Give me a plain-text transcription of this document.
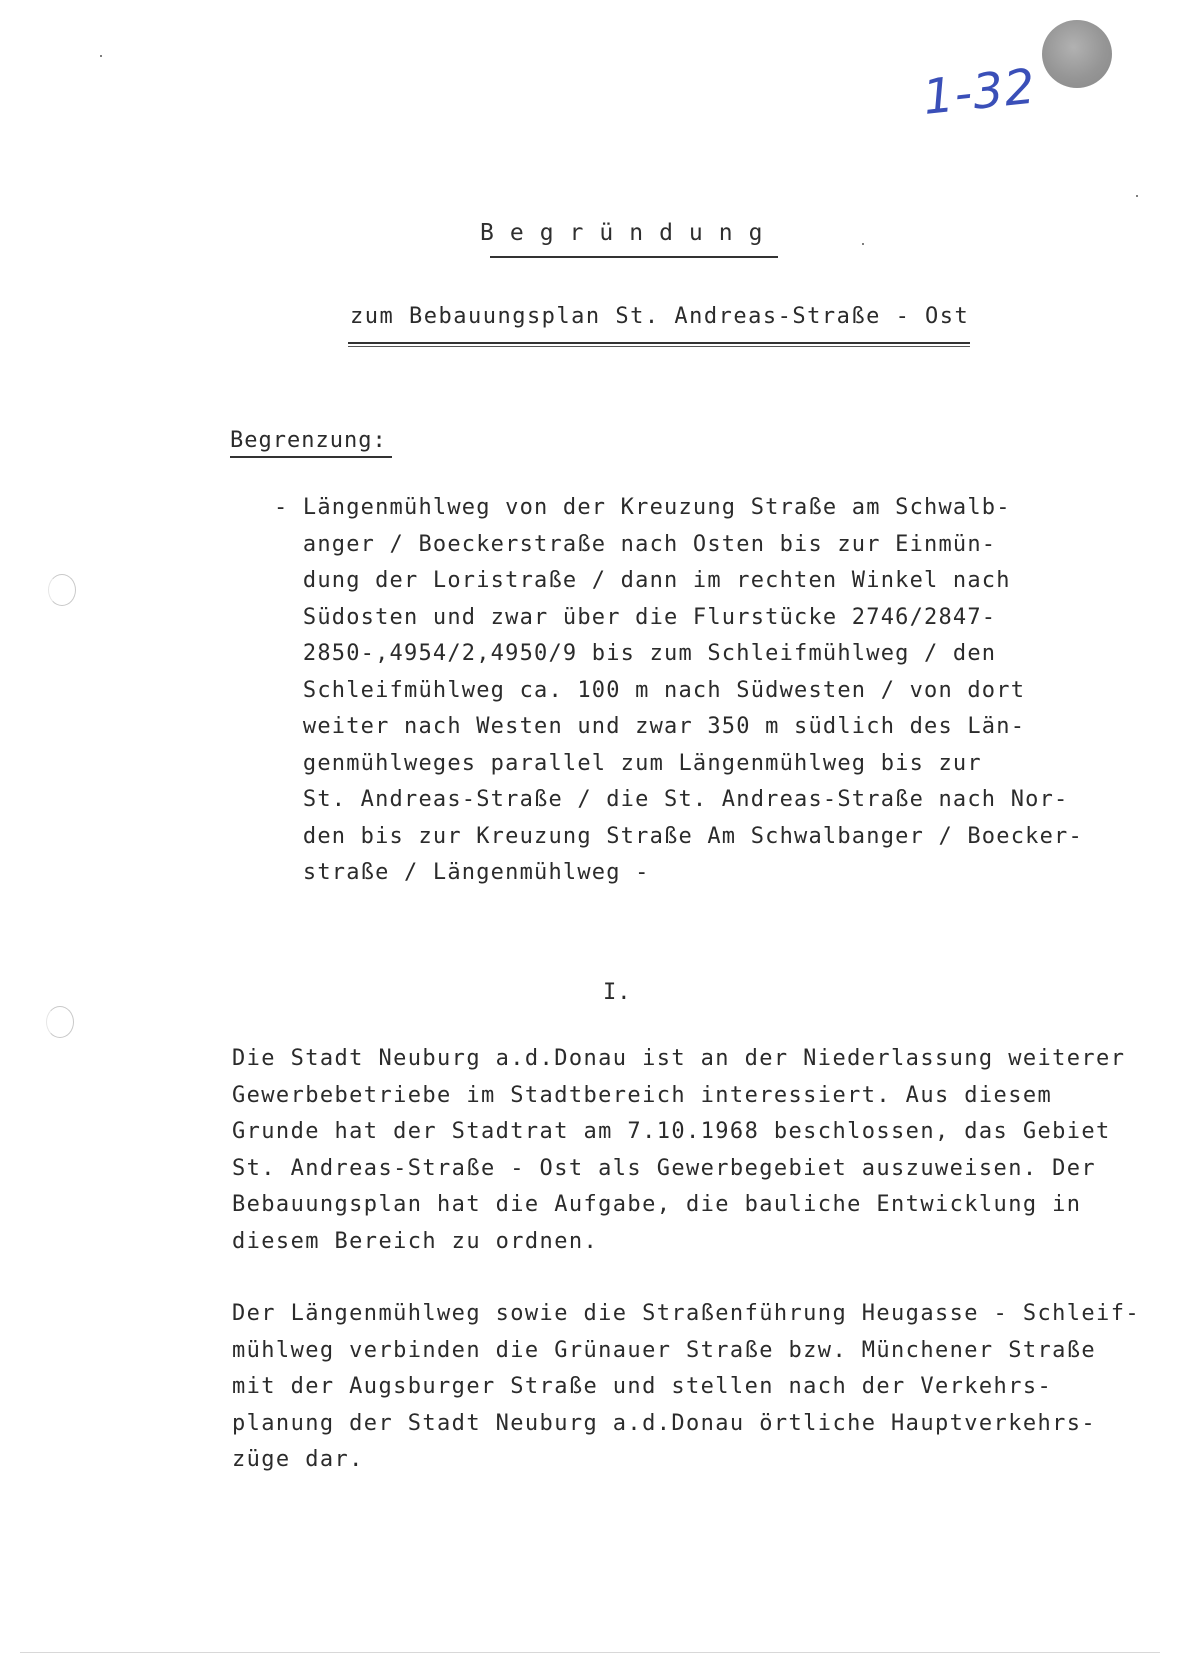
1-32
Begründung
zum Bebauungsplan St. Andreas-Straße - Ost
Begrenzung:
- Längenmühlweg von der Kreuzung Straße am Schwalb-
anger / Boeckerstraße nach Osten bis zur Einmün-
dung der Loristraße / dann im rechten Winkel nach
Südosten und zwar über die Flurstücke 2746/2847-
2850-,4954/2,4950/9 bis zum Schleifmühlweg / den
Schleifmühlweg ca. 100 m nach Südwesten / von dort
weiter nach Westen und zwar 350 m südlich des Län-
genmühlweges parallel zum Längenmühlweg bis zur
St. Andreas-Straße / die St. Andreas-Straße nach Nor-
den bis zur Kreuzung Straße Am Schwalbanger / Boecker-
straße / Längenmühlweg -
I.
Die Stadt Neuburg a.d.Donau ist an der Niederlassung weiterer
Gewerbebetriebe im Stadtbereich interessiert. Aus diesem
Grunde hat der Stadtrat am 7.10.1968 beschlossen, das Gebiet
St. Andreas-Straße - Ost als Gewerbegebiet auszuweisen. Der
Bebauungsplan hat die Aufgabe, die bauliche Entwicklung in
diesem Bereich zu ordnen.
Der Längenmühlweg sowie die Straßenführung Heugasse - Schleif-
mühlweg verbinden die Grünauer Straße bzw. Münchener Straße
mit der Augsburger Straße und stellen nach der Verkehrs-
planung der Stadt Neuburg a.d.Donau örtliche Hauptverkehrs-
züge dar.
